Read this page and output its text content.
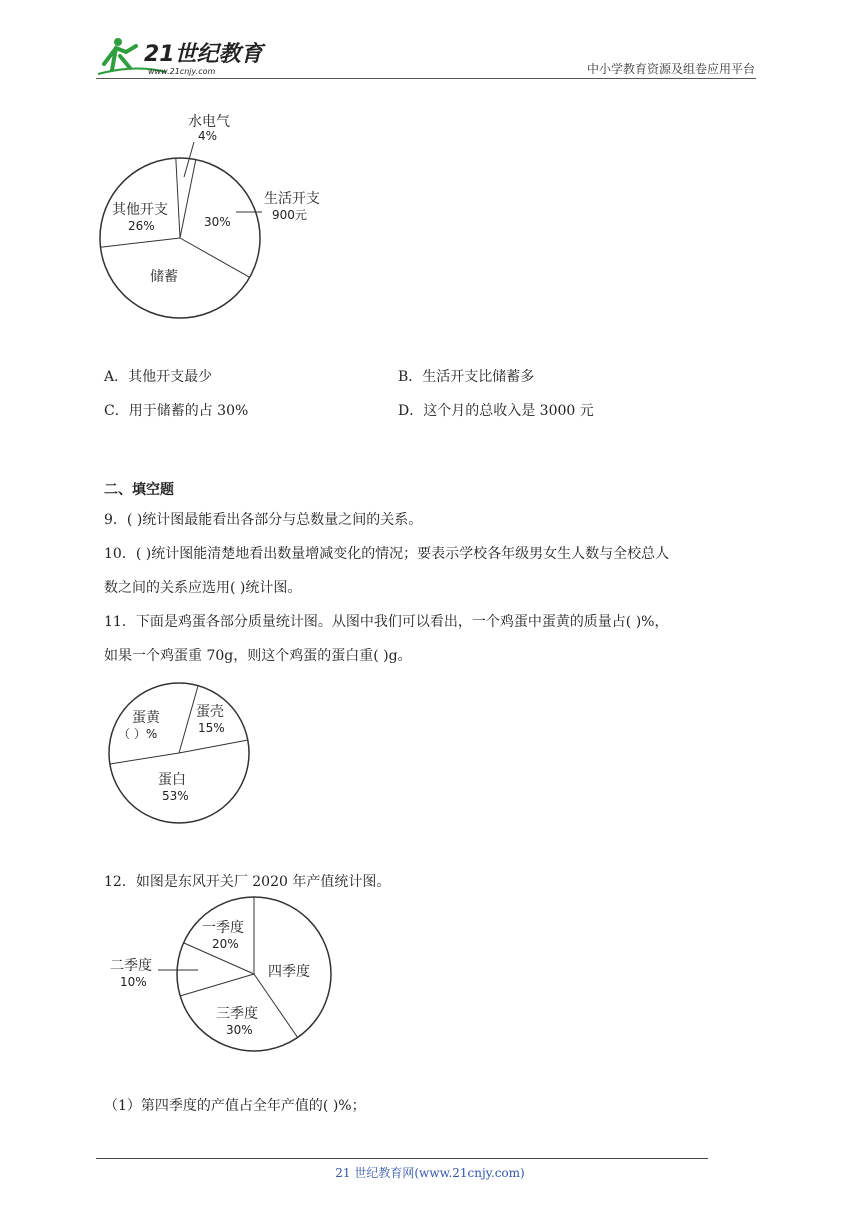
21世纪教育
www.21cnjy.com	中小学教育资源及组卷应用平台
水电气
4%
生活开支
900元
30%
其他开支
26%
储蓄
A．其他开支最少	B．生活开支比储蓄多
C．用于储蓄的占 30%	D．这个月的总收入是 3000 元
二、填空题
9．( )统计图最能看出各部分与总数量之间的关系。
10．( )统计图能清楚地看出数量增减变化的情况；要表示学校各年级男女生人数与全校总人
数之间的关系应选用( )统计图。
11．下面是鸡蛋各部分质量统计图。从图中我们可以看出，一个鸡蛋中蛋黄的质量占( )%，
如果一个鸡蛋重 70g，则这个鸡蛋的蛋白重( )g。
蛋黄
（ ）%
蛋壳
15%
蛋白
53%
12．如图是东风开关厂 2020 年产值统计图。
一季度
20%
二季度
10%
三季度
30%
四季度
（1）第四季度的产值占全年产值的( )%；
21 世纪教育网(www.21cnjy.com)
